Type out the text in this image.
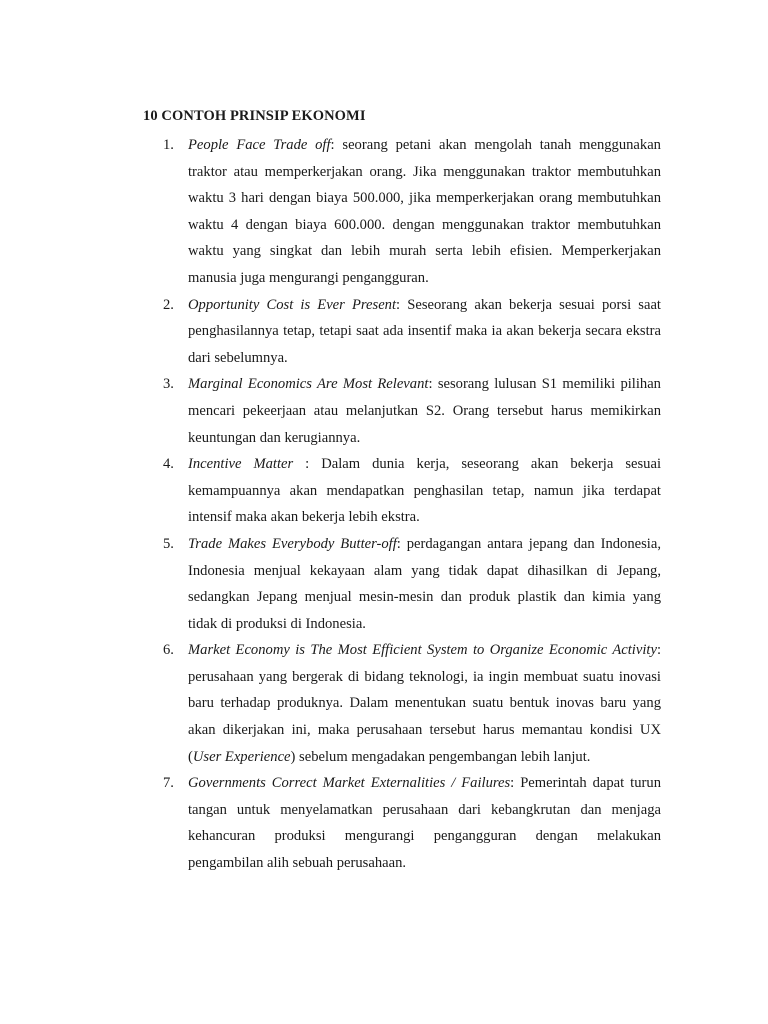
10 CONTOH PRINSIP EKONOMI
1. People Face Trade off: seorang petani akan mengolah tanah menggunakan traktor atau memperkerjakan orang. Jika menggunakan traktor membutuhkan waktu 3 hari dengan biaya 500.000, jika memperkerjakan orang membutuhkan waktu 4 dengan biaya 600.000. dengan menggunakan traktor membutuhkan waktu yang singkat dan lebih murah serta lebih efisien. Memperkerjakan manusia juga mengurangi pengangguran.
2. Opportunity Cost is Ever Present: Seseorang akan bekerja sesuai porsi saat penghasilannya tetap, tetapi saat ada insentif maka ia akan bekerja secara ekstra dari sebelumnya.
3. Marginal Economics Are Most Relevant: sesorang lulusan S1 memiliki pilihan mencari pekeerjaan atau melanjutkan S2. Orang tersebut harus memikirkan keuntungan dan kerugiannya.
4. Incentive Matter : Dalam dunia kerja, seseorang akan bekerja sesuai kemampuannya akan mendapatkan penghasilan tetap, namun jika terdapat intensif maka akan bekerja lebih ekstra.
5. Trade Makes Everybody Butter-off: perdagangan antara jepang dan Indonesia, Indonesia menjual kekayaan alam yang tidak dapat dihasilkan di Jepang, sedangkan Jepang menjual mesin-mesin dan produk plastik dan kimia yang tidak di produksi di Indonesia.
6. Market Economy is The Most Efficient System to Organize Economic Activity: perusahaan yang bergerak di bidang teknologi, ia ingin membuat suatu inovasi baru terhadap produknya. Dalam menentukan suatu bentuk inovas baru yang akan dikerjakan ini, maka perusahaan tersebut harus memantau kondisi UX (User Experience) sebelum mengadakan pengembangan lebih lanjut.
7. Governments Correct Market Externalities / Failures: Pemerintah dapat turun tangan untuk menyelamatkan perusahaan dari kebangkrutan dan menjaga kehancuran produksi mengurangi pengangguran dengan melakukan pengambilan alih sebuah perusahaan.
